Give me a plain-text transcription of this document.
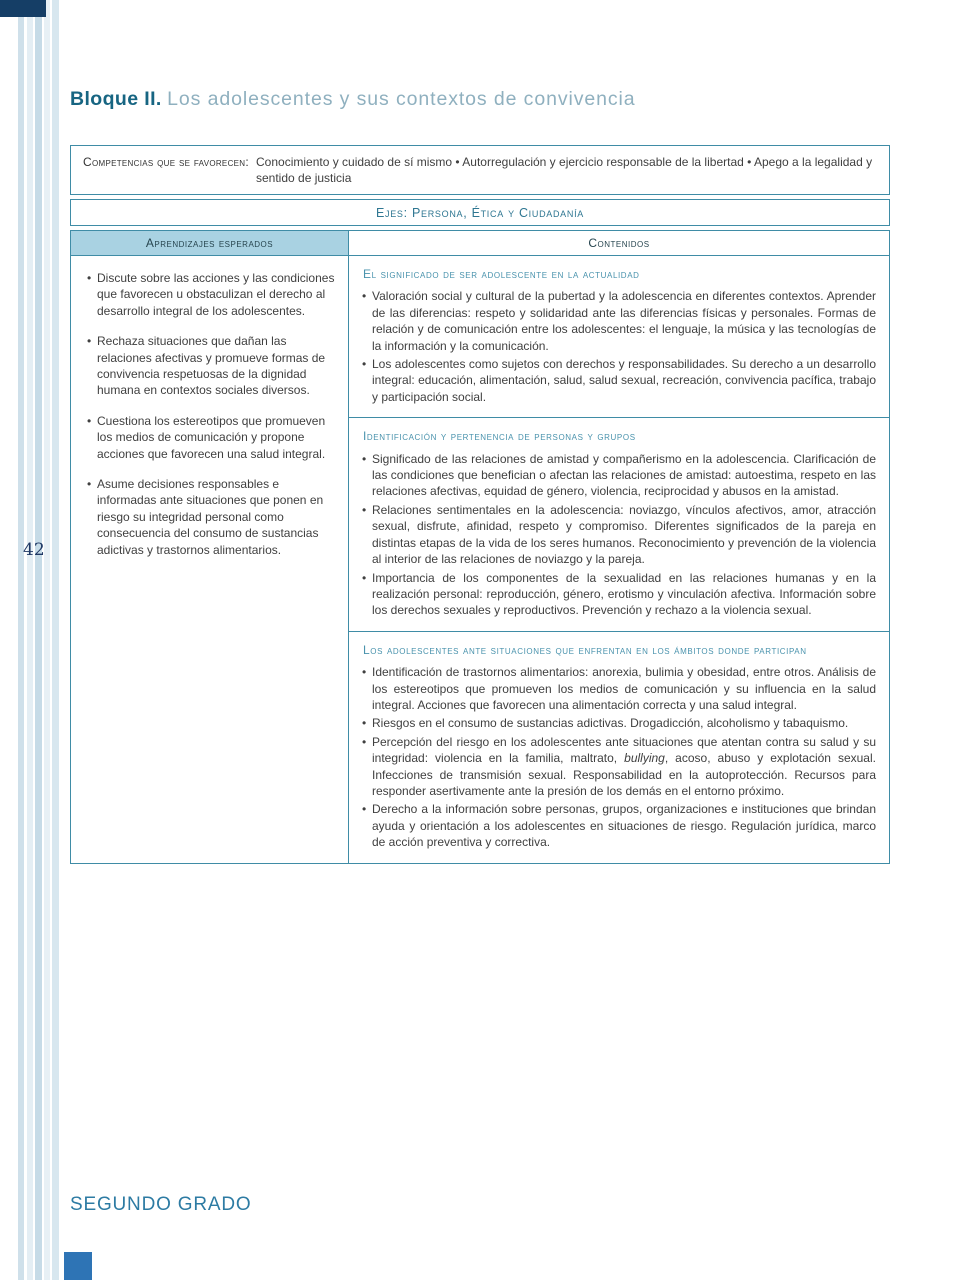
42
Bloque II. Los adolescentes y sus contextos de convivencia
Competencias que se favorecen: Conocimiento y cuidado de sí mismo • Autorregulación y ejercicio responsable de la libertad • Apego a la legalidad y sentido de justicia
Ejes: Persona, Ética y Ciudadanía
Aprendizajes esperados	Contenidos
• Discute sobre las acciones y las condiciones que favorecen u obstaculizan el derecho al desarrollo integral de los adolescentes.
• Rechaza situaciones que dañan las relaciones afectivas y promueve formas de convivencia respetuosas de la dignidad humana en contextos sociales diversos.
• Cuestiona los estereotipos que promueven los medios de comunicación y propone acciones que favorecen una salud integral.
• Asume decisiones responsables e informadas ante situaciones que ponen en riesgo su integridad personal como consecuencia del consumo de sustancias adictivas y trastornos alimentarios.
El significado de ser adolescente en la actualidad
• Valoración social y cultural de la pubertad y la adolescencia en diferentes contextos. Aprender de las diferencias: respeto y solidaridad ante las diferencias físicas y personales. Formas de relación y de comunicación entre los adolescentes: el lenguaje, la música y las tecnologías de la información y la comunicación.
• Los adolescentes como sujetos con derechos y responsabilidades. Su derecho a un desarrollo integral: educación, alimentación, salud, salud sexual, recreación, convivencia pacífica, trabajo y participación social.
Identificación y pertenencia de personas y grupos
• Significado de las relaciones de amistad y compañerismo en la adolescencia. Clarificación de las condiciones que benefician o afectan las relaciones de amistad: autoestima, respeto en las relaciones afectivas, equidad de género, violencia, reciprocidad y abusos en la amistad.
• Relaciones sentimentales en la adolescencia: noviazgo, vínculos afectivos, amor, atracción sexual, disfrute, afinidad, respeto y compromiso. Diferentes significados de la pareja en distintas etapas de la vida de los seres humanos. Reconocimiento y prevención de la violencia al interior de las relaciones de noviazgo y la pareja.
• Importancia de los componentes de la sexualidad en las relaciones humanas y en la realización personal: reproducción, género, erotismo y vinculación afectiva. Información sobre los derechos sexuales y reproductivos. Prevención y rechazo a la violencia sexual.
Los adolescentes ante situaciones que enfrentan en los ámbitos donde participan
• Identificación de trastornos alimentarios: anorexia, bulimia y obesidad, entre otros. Análisis de los estereotipos que promueven los medios de comunicación y su influencia en la salud integral. Acciones que favorecen una alimentación correcta y una salud integral.
• Riesgos en el consumo de sustancias adictivas. Drogadicción, alcoholismo y tabaquismo.
• Percepción del riesgo en los adolescentes ante situaciones que atentan contra su salud y su integridad: violencia en la familia, maltrato, bullying, acoso, abuso y explotación sexual. Infecciones de transmisión sexual. Responsabilidad en la autoprotección. Recursos para responder asertivamente ante la presión de los demás en el entorno próximo.
• Derecho a la información sobre personas, grupos, organizaciones e instituciones que brindan ayuda y orientación a los adolescentes en situaciones de riesgo. Regulación jurídica, marco de acción preventiva y correctiva.
SEGUNDO GRADO
